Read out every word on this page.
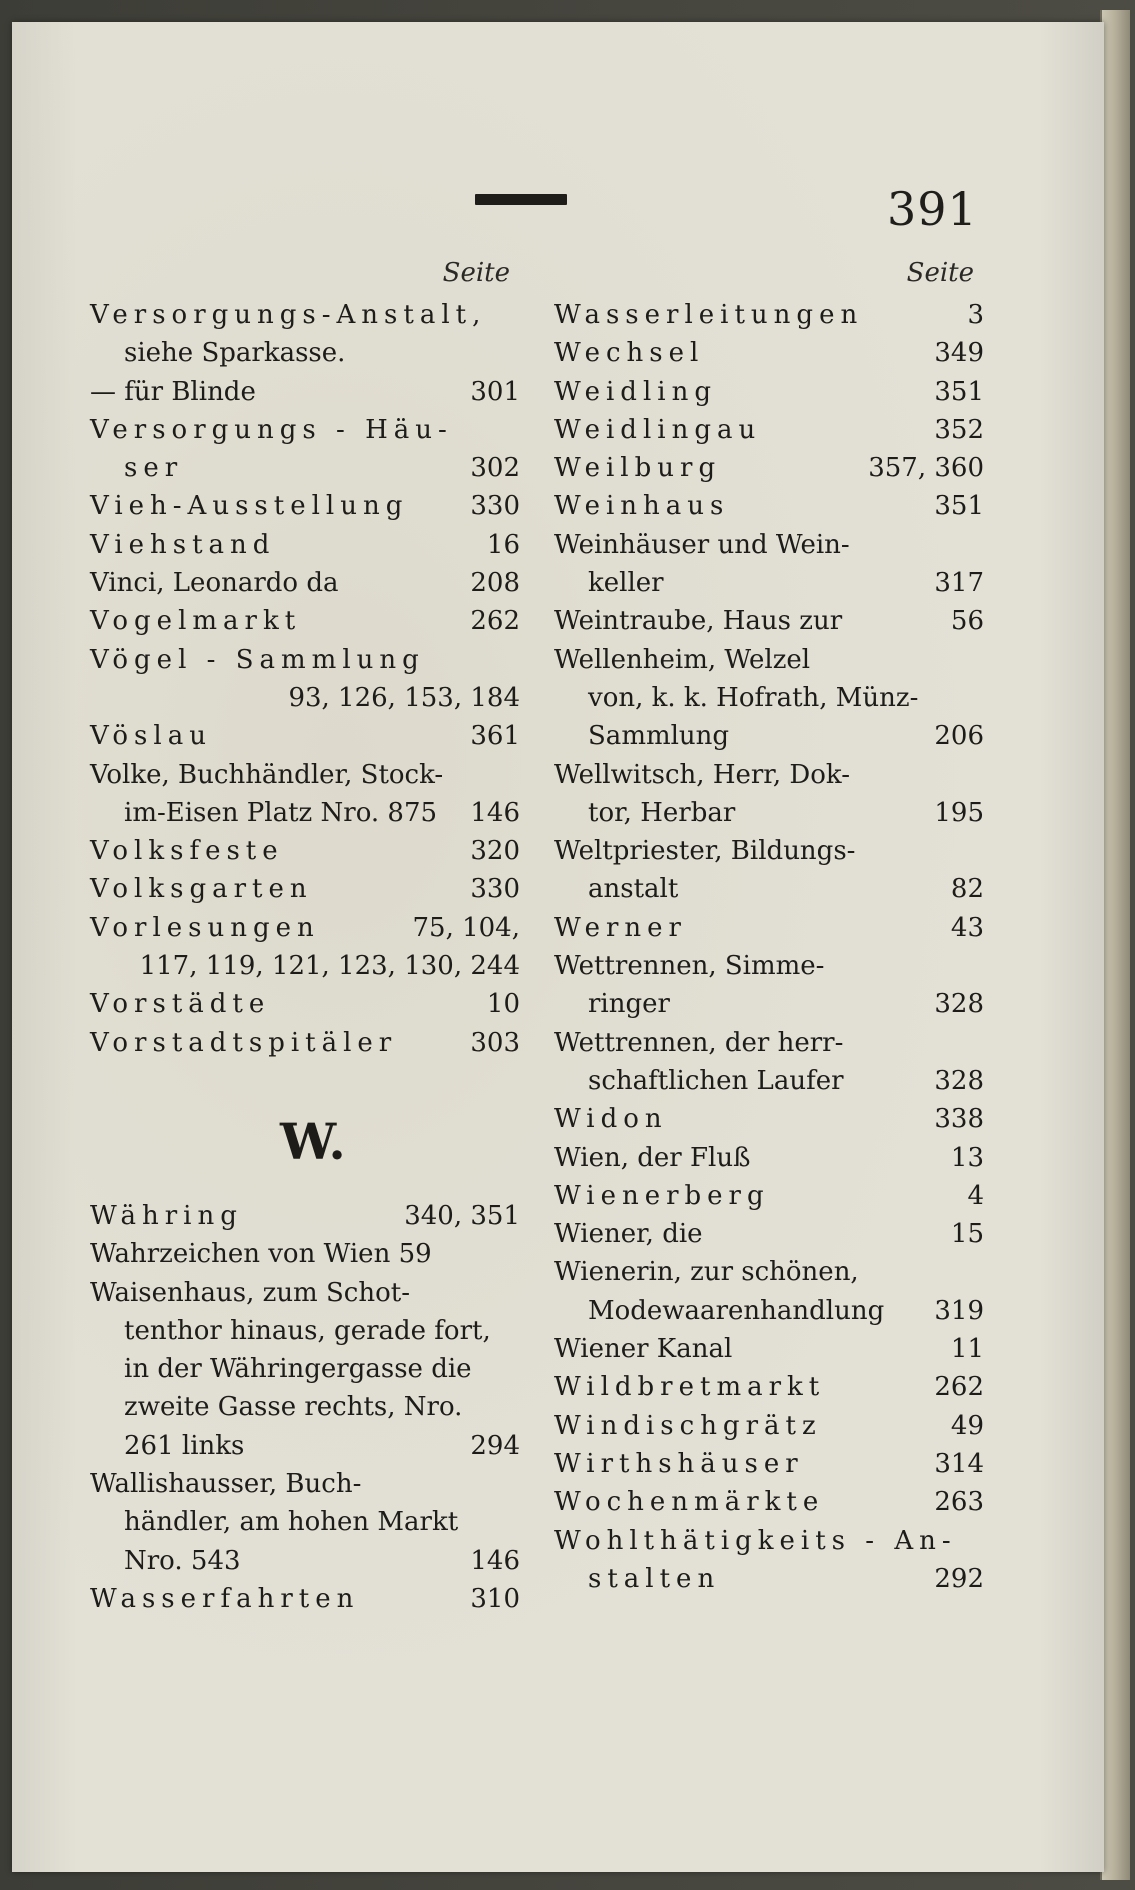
391
Seite
Versorgungs-Anstalt,
siehe Sparkasse.
— für Blinde	301
Versorgungs - Häu-
ser	302
Vieh-Ausstellung 330
Viehstand	16
Vinci, Leonardo da	208
Vogelmarkt	262
Vögel - Sammlung
93, 126, 153, 184
Vöslau	361
Volke, Buchhändler, Stock-
im-Eisen Platz Nro. 875 146
Volksfeste	320
Volksgarten	330
Vorlesungen	75, 104,
117, 119, 121, 123, 130, 244
Vorstädte	10
Vorstadtspitäler	303
W.
Währing	340, 351
Wahrzeichen von Wien 59
Waisenhaus, zum Schot-
tenthor hinaus, gerade fort,
in der Währingergasse die
zweite Gasse rechts, Nro.
261 links	294
Wallishausser, Buch-
händler, am hohen Markt
Nro. 543	146
Wasserfahrten	310
Seite
Wasserleitungen	3
Wechsel	349
Weidling	351
Weidlingau	352
Weilburg	357, 360
Weinhaus	351
Weinhäuser und Wein-
keller	317
Weintraube, Haus zur	56
Wellenheim, Welzel
von, k. k. Hofrath, Münz-
Sammlung	206
Wellwitsch, Herr, Dok-
tor, Herbar	195
Weltpriester, Bildungs-
anstalt	82
Werner	43
Wettrennen, Simme-
ringer	328
Wettrennen, der herr-
schaftlichen Laufer	328
Widon	338
Wien, der Fluß	13
Wienerberg	4
Wiener, die	15
Wienerin, zur schönen,
Modewaarenhandlung 319
Wiener Kanal	11
Wildbretmarkt	262
Windischgrätz	49
Wirthshäuser	314
Wochenmärkte	263
Wohlthätigkeits - An-
stalten	292
